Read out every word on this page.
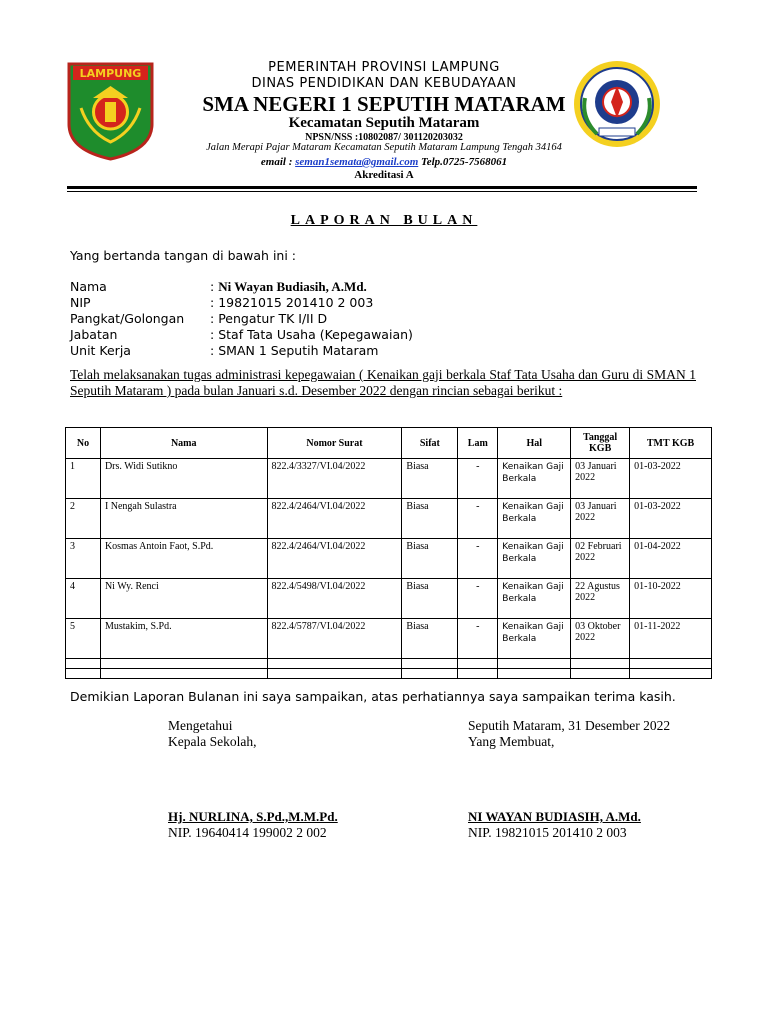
LAMPUNG	PEMERINTAH PROVINSI LAMPUNG
DINAS PENDIDIKAN DAN KEBUDAYAAN
SMA NEGERI 1 SEPUTIH MATARAM
Kecamatan Seputih Mataram
NPSN/NSS :10802087/ 301120203032
Jalan Merapi Pajar Mataram Kecamatan Seputih Mataram Lampung Tengah 34164
email : seman1semata@gmail.com Telp.0725-7568061
Akreditasi A
LAPORAN BULAN
Yang bertanda tangan di bawah ini :
Nama	: Ni Wayan Budiasih, A.Md.
NIP	: 19821015 201410 2 003
Pangkat/Golongan : Pengatur TK I/II D
Jabatan	: Staf Tata Usaha (Kepegawaian)
Unit Kerja	: SMAN 1 Seputih Mataram
Telah melaksanakan tugas administrasi kepegawaian ( Kenaikan gaji berkala Staf Tata Usaha dan Guru di SMAN 1 Seputih Mataram ) pada bulan Januari s.d. Desember 2022 dengan rincian sebagai berikut :
No	Nama	Nomor Surat	Sifat	Lam	Hal	Tanggal KGB	TMT KGB
1	Drs. Widi Sutikno	822.4/3327/VI.04/2022	Biasa	-	Kenaikan Gaji Berkala	03 Januari 2022	01-03-2022
2	I Nengah Sulastra	822.4/2464/VI.04/2022	Biasa	-	Kenaikan Gaji Berkala	03 Januari 2022	01-03-2022
3	Kosmas Antoin Faot, S.Pd.	822.4/2464/VI.04/2022	Biasa	-	Kenaikan Gaji Berkala	02 Februari 2022	01-04-2022
4	Ni Wy. Renci	822.4/5498/VI.04/2022	Biasa	-	Kenaikan Gaji Berkala	22 Agustus 2022	01-10-2022
5	Mustakim, S.Pd.	822.4/5787/VI.04/2022	Biasa	-	Kenaikan Gaji Berkala	03 Oktober 2022	01-11-2022

Demikian Laporan Bulanan ini saya sampaikan, atas perhatiannya saya sampaikan terima kasih.
Mengetahui
Kepala Sekolah,
Hj. NURLINA, S.Pd.,M.M.Pd.
NIP. 19640414 199002 2 002
Seputih Mataram, 31 Desember 2022
Yang Membuat,
NI WAYAN BUDIASIH, A.Md.
NIP. 19821015 201410 2 003
